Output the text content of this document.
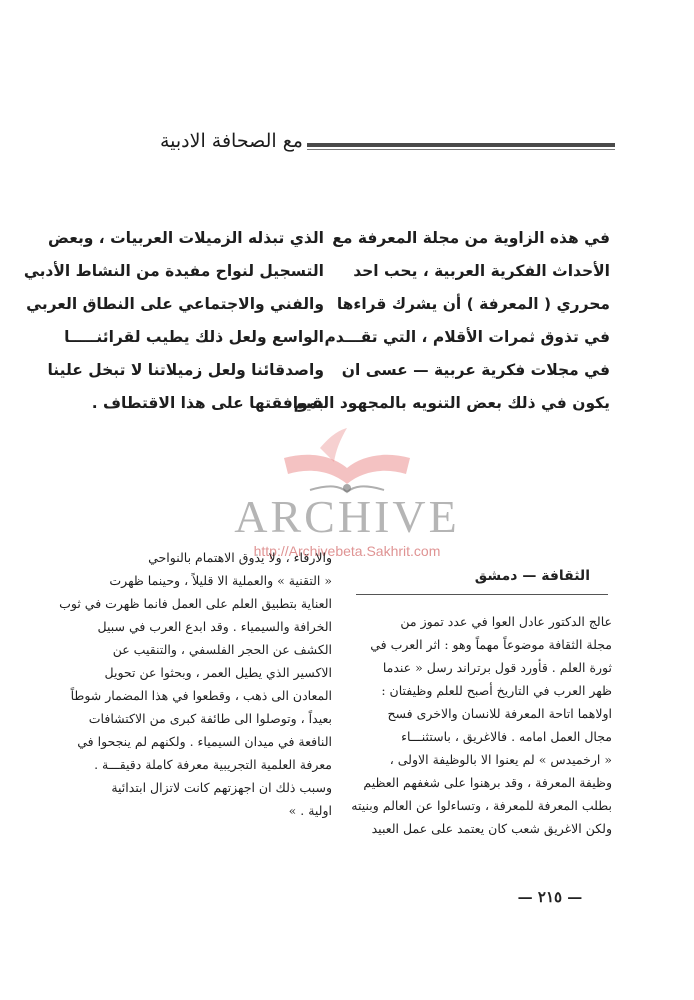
مع الصحافة الادبية
في هذه الزاوية من مجلة المعرفة مع
الأحداث الفكرية العربية ، يحب احد
محرري ( المعرفة ) أن يشرك قراءها
في تذوق ثمرات الأقلام ، التي تقـــدم
في مجلات فكرية عربية — عسى ان
يكون في ذلك بعض التنويه بالمجهود القيم
الذي تبذله الزميلات العربيات ، وبعض
التسجيل لنواح مفيدة من النشاط الأدبي
والفني والاجتماعي على النطاق العربي
الواسع ولعل ذلك يطيب لقرائنـــــا
واصدقائنا ولعل زميلاتنا لا تبخل علينا
بموافقتها على هذا الاقتطاف .
ARCHIVE
http://Archivebeta.Sakhrit.com
الثقافة — دمشق
عالج الدكتور عادل العوا في عدد تموز من
مجلة الثقافة موضوعاً مهماً وهو : اثر العرب في
ثورة العلم . قأورد قول برتراند رسل « عندما
ظهر العرب في التاريخ أصبح للعلم وظيفتان :
اولاهما اتاحة المعرفة للانسان والاخرى فسح
مجال العمل امامه . فالاغريق ، باستثنـــاء
« ارخميدس » لم يعنوا الا بالوظيفة الاولى ،
وظيفة المعرفة ، وقد برهنوا على شغفهم العظيم
بطلب المعرفة للمعرفة ، وتساءلوا عن العالم وبنيته
ولكن الاغريق شعب كان يعتمد على عمل العبيد
والارقاء ، ولا يذوق الاهتمام بالنواحي
« التقنية » والعملية الا قليلاً ، وحينما ظهرت
العناية بتطبيق العلم على العمل فانما ظهرت في ثوب
الخرافة والسيمياء . وقد ابدع العرب في سبيل
الكشف عن الحجر الفلسفي ، والتنقيب عن
الاكسير الذي يطيل العمر ، وبحثوا عن تحويل
المعادن الى ذهب ، وقطعوا في هذا المضمار شوطاً
بعيداً ، وتوصلوا الى طائفة كبرى من الاكتشافات
النافعة في ميدان السيمياء . ولكنهم لم ينجحوا في
معرفة العلمية التجريبية معرفة كاملة دقيقـــة .
وسبب ذلك ان اجهزتهم كانت لاتزال ابتدائية
اولية . »
— ٢١٥ —
